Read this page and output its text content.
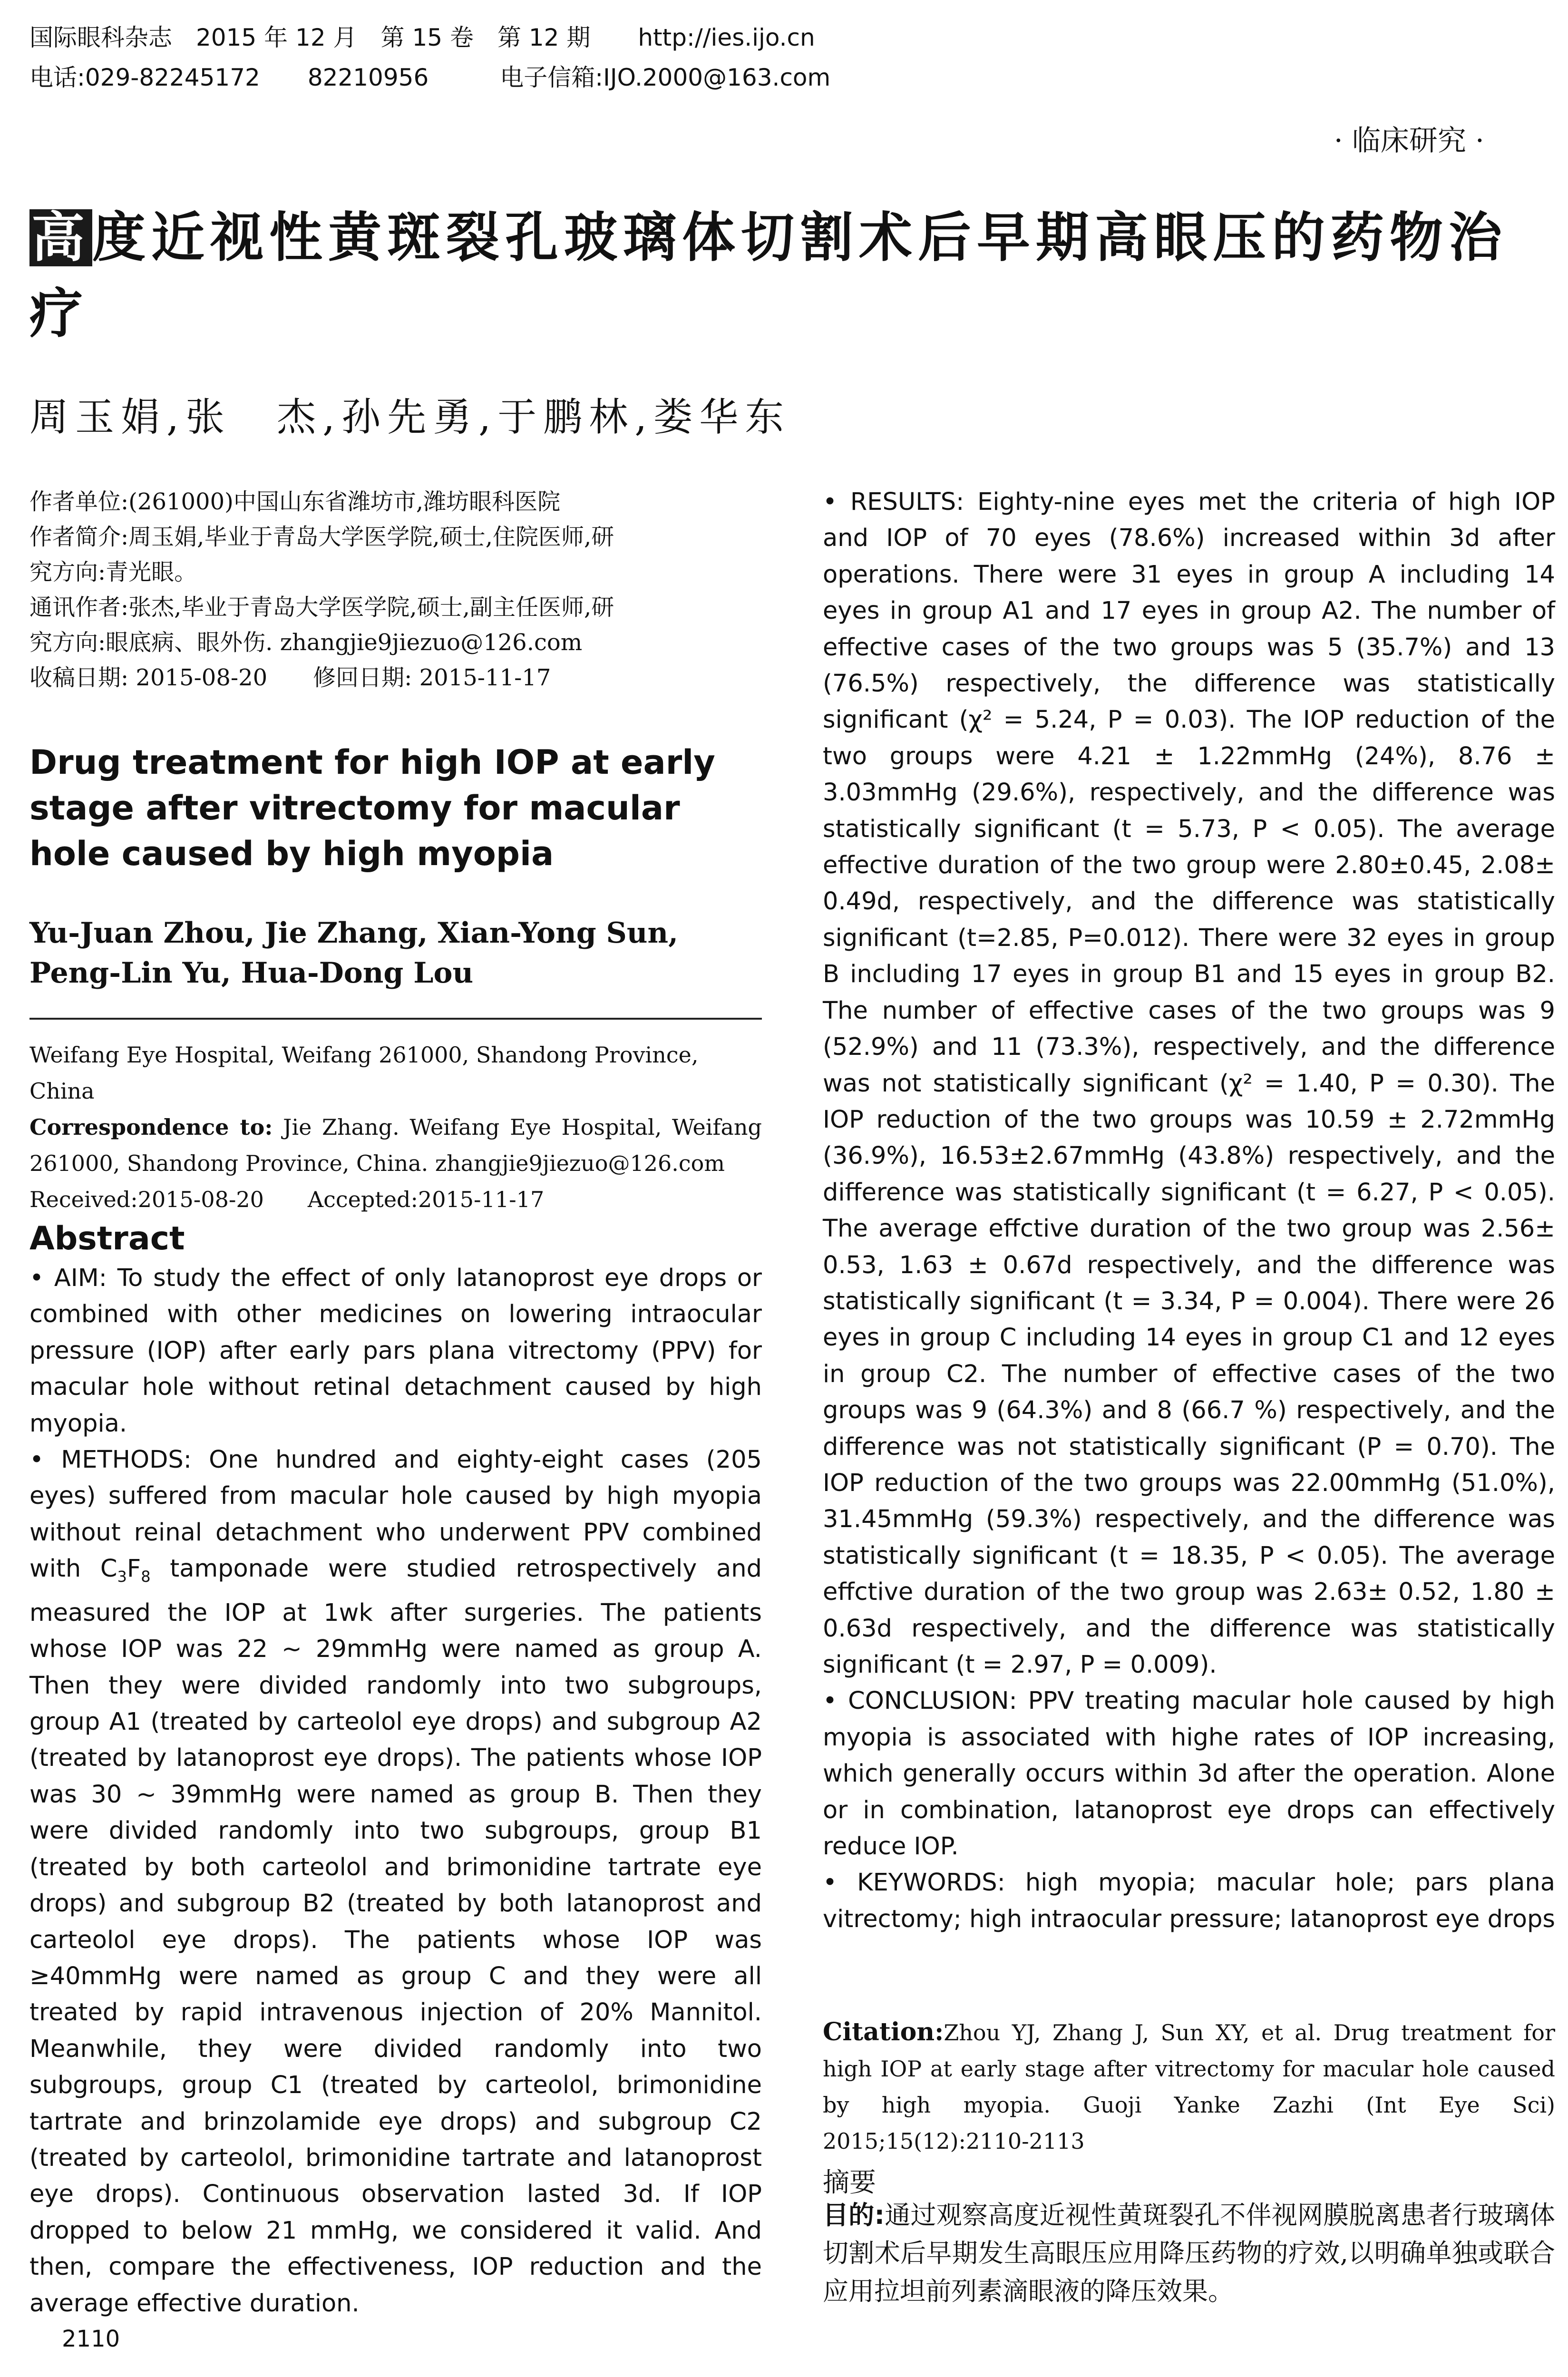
国际眼科杂志　2015 年 12 月　第 15 卷　第 12 期　　http://ies.ijo.cn
电话:029-82245172　　82210956　　　电子信箱:IJO.2000@163.com
· 临床研究 ·
高度近视性黄斑裂孔玻璃体切割术后早期高眼压的药物治疗
周玉娟,张　杰,孙先勇,于鹏林,娄华东
作者单位:(261000)中国山东省潍坊市,潍坊眼科医院
作者简介:周玉娟,毕业于青岛大学医学院,硕士,住院医师,研
究方向:青光眼。
通讯作者:张杰,毕业于青岛大学医学院,硕士,副主任医师,研
究方向:眼底病、眼外伤. zhangjie9jiezuo@126.com
收稿日期: 2015-08-20　　修回日期: 2015-11-17
Drug treatment for high IOP at early stage after vitrectomy for macular hole caused by high myopia
Yu-Juan Zhou, Jie Zhang, Xian-Yong Sun, Peng-Lin Yu, Hua-Dong Lou
Weifang Eye Hospital, Weifang 261000, Shandong Province, China
Correspondence to: Jie Zhang. Weifang Eye Hospital, Weifang 261000, Shandong Province, China. zhangjie9jiezuo@126.com
Received:2015-08-20　　Accepted:2015-11-17
Abstract
• AIM: To study the effect of only latanoprost eye drops or combined with other medicines on lowering intraocular pressure (IOP) after early pars plana vitrectomy (PPV) for macular hole without retinal detachment caused by high myopia.
• METHODS: One hundred and eighty-eight cases (205 eyes) suffered from macular hole caused by high myopia without reinal detachment who underwent PPV combined with $C_3F_8$ tamponade were studied retrospectively and measured the IOP at 1wk after surgeries. The patients whose IOP was 22 ~ 29mmHg were named as group A. Then they were divided randomly into two subgroups, group A1 (treated by carteolol eye drops) and subgroup A2 (treated by latanoprost eye drops). The patients whose IOP was 30 ~ 39mmHg were named as group B. Then they were divided randomly into two subgroups, group B1 (treated by both carteolol and brimonidine tartrate eye drops) and subgroup B2 (treated by both latanoprost and carteolol eye drops). The patients whose IOP was ≥40mmHg were named as group C and they were all treated by rapid intravenous injection of 20% Mannitol. Meanwhile, they were divided randomly into two subgroups, group C1 (treated by carteolol, brimonidine tartrate and brinzolamide eye drops) and subgroup C2 (treated by carteolol, brimonidine tartrate and latanoprost eye drops). Continuous observation lasted 3d. If IOP dropped to below 21 mmHg, we considered it valid. And then, compare the effectiveness, IOP reduction and the average effective duration.
• RESULTS: Eighty-nine eyes met the criteria of high IOP and IOP of 70 eyes (78.6%) increased within 3d after operations. There were 31 eyes in group A including 14 eyes in group A1 and 17 eyes in group A2. The number of effective cases of the two groups was 5 (35.7%) and 13 (76.5%) respectively, the difference was statistically significant (χ² = 5.24, P = 0.03). The IOP reduction of the two groups were 4.21 ± 1.22mmHg (24%), 8.76 ± 3.03mmHg (29.6%), respectively, and the difference was statistically significant (t = 5.73, P < 0.05). The average effective duration of the two group were 2.80±0.45, 2.08± 0.49d, respectively, and the difference was statistically significant (t=2.85, P=0.012). There were 32 eyes in group B including 17 eyes in group B1 and 15 eyes in group B2. The number of effective cases of the two groups was 9 (52.9%) and 11 (73.3%), respectively, and the difference was not statistically significant (χ² = 1.40, P = 0.30). The IOP reduction of the two groups was 10.59 ± 2.72mmHg (36.9%), 16.53±2.67mmHg (43.8%) respectively, and the difference was statistically significant (t = 6.27, P < 0.05). The average effctive duration of the two group was 2.56± 0.53, 1.63 ± 0.67d respectively, and the difference was statistically significant (t = 3.34, P = 0.004). There were 26 eyes in group C including 14 eyes in group C1 and 12 eyes in group C2. The number of effective cases of the two groups was 9 (64.3%) and 8 (66.7 %) respectively, and the difference was not statistically significant (P = 0.70). The IOP reduction of the two groups was 22.00mmHg (51.0%), 31.45mmHg (59.3%) respectively, and the difference was statistically significant (t = 18.35, P < 0.05). The average effctive duration of the two group was 2.63± 0.52, 1.80 ± 0.63d respectively, and the difference was statistically significant (t = 2.97, P = 0.009).
• CONCLUSION: PPV treating macular hole caused by high myopia is associated with highe rates of IOP increasing, which generally occurs within 3d after the operation. Alone or in combination, latanoprost eye drops can effectively reduce IOP.
• KEYWORDS: high myopia; macular hole; pars plana vitrectomy; high intraocular pressure; latanoprost eye drops
Citation:Zhou YJ, Zhang J, Sun XY, et al. Drug treatment for high IOP at early stage after vitrectomy for macular hole caused by high myopia. Guoji Yanke Zazhi (Int Eye Sci) 2015;15(12):2110-2113
摘要
目的:通过观察高度近视性黄斑裂孔不伴视网膜脱离患者行玻璃体切割术后早期发生高眼压应用降压药物的疗效,以明确单独或联合应用拉坦前列素滴眼液的降压效果。
2110
